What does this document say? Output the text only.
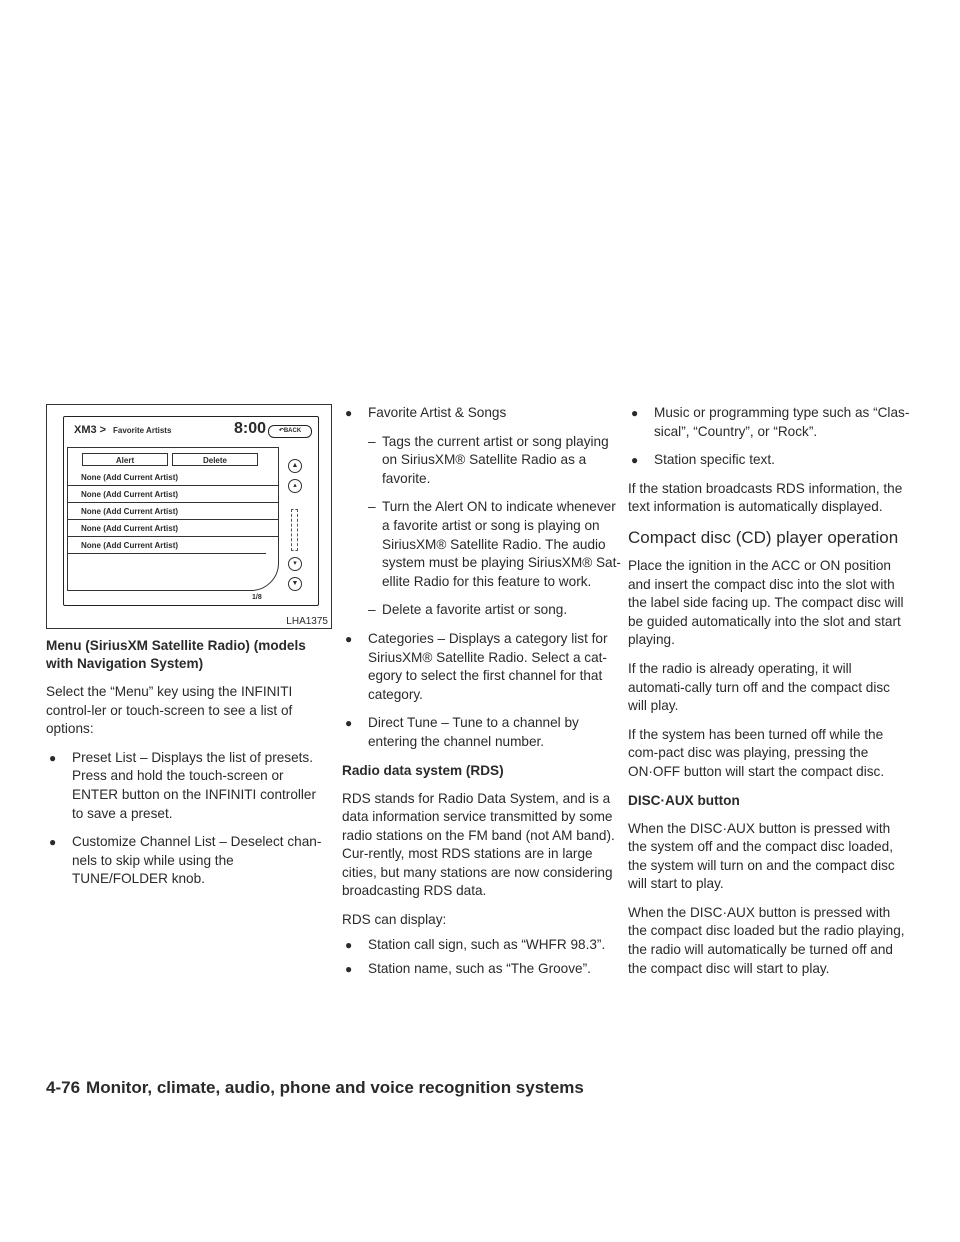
XM3 > Favorite Artists	8:00	↶BACK
Alert	Delete
None (Add Current Artist)
None (Add Current Artist)
None (Add Current Artist)
None (Add Current Artist)
None (Add Current Artist)
▲
▴
▾
▼
1/8
LHA1375
Menu (SiriusXM Satellite Radio) (models with Navigation System)

Select the “Menu” key using the INFINITI control-ler or touch-screen to see a list of options:

●	Preset List – Displays the list of presets. Press and hold the touch-screen or ENTER button on the INFINITI controller to save a preset.
●	Customize Channel List – Deselect chan-nels to skip while using the TUNE/FOLDER knob.
●	Favorite Artist & Songs
– Tags the current artist or song playing on SiriusXM® Satellite Radio as a favorite.
– Turn the Alert ON to indicate whenever a favorite artist or song is playing on SiriusXM® Satellite Radio. The audio system must be playing SiriusXM® Sat-ellite Radio for this feature to work.
– Delete a favorite artist or song.
●	Categories – Displays a category list for SiriusXM® Satellite Radio. Select a cat-egory to select the first channel for that category.
●	Direct Tune – Tune to a channel by entering the channel number.
Radio data system (RDS)

RDS stands for Radio Data System, and is a data information service transmitted by some radio stations on the FM band (not AM band). Cur-rently, most RDS stations are in large cities, but many stations are now considering broadcasting RDS data.

RDS can display:

●	Station call sign, such as “WHFR 98.3”.
●	Station name, such as “The Groove”.
●	Music or programming type such as “Clas-sical”, “Country”, or “Rock”.
●	Station specific text.

If the station broadcasts RDS information, the text information is automatically displayed.

Compact disc (CD) player operation

Place the ignition in the ACC or ON position and insert the compact disc into the slot with the label side facing up. The compact disc will be guided automatically into the slot and start playing.

If the radio is already operating, it will automati-cally turn off and the compact disc will play.

If the system has been turned off while the com-pact disc was playing, pressing the ON·OFF button will start the compact disc.

DISC·AUX button

When the DISC·AUX button is pressed with the system off and the compact disc loaded, the system will turn on and the compact disc will start to play.

When the DISC·AUX button is pressed with the compact disc loaded but the radio playing, the radio will automatically be turned off and the compact disc will start to play.

4-76 Monitor, climate, audio, phone and voice recognition systems
